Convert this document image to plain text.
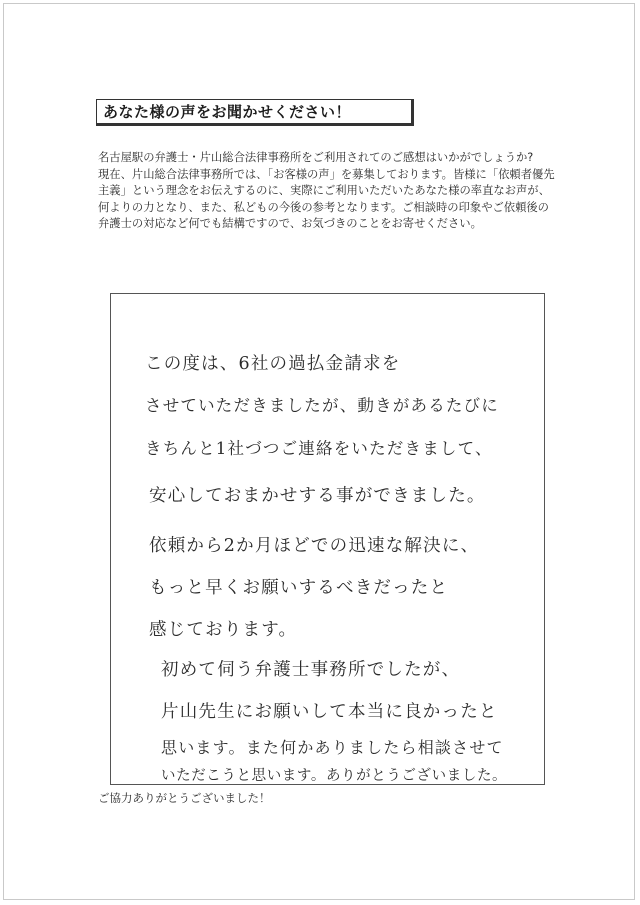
あなた様の声をお聞かせください！

名古屋駅の弁護士・片山総合法律事務所をご利用されてのご感想はいかがでしょうか?

現在、片山総合法律事務所では、「お客様の声」を募集しております。皆様に「依頼者優先主義」という理念をお伝えするのに、実際にご利用いただいたあなた様の率直なお声が、何よりの力となり、また、私どもの今後の参考となります。ご相談時の印象やご依頼後の弁護士の対応など何でも結構ですので、お気づきのことをお寄せください。

この度は、6社の過払金請求を
させていただきましたが、動きがあるたびに
きちんと1社づつご連絡をいただきまして、
安心しておまかせする事ができました。
依頼から2か月ほどでの迅速な解決に、
もっと早くお願いするべきだったと
感じております。
初めて伺う弁護士事務所でしたが、
片山先生にお願いして本当に良かったと
思います。また何かありましたら相談させて
いただこうと思います。ありがとうございました。
ご協力ありがとうございました！
